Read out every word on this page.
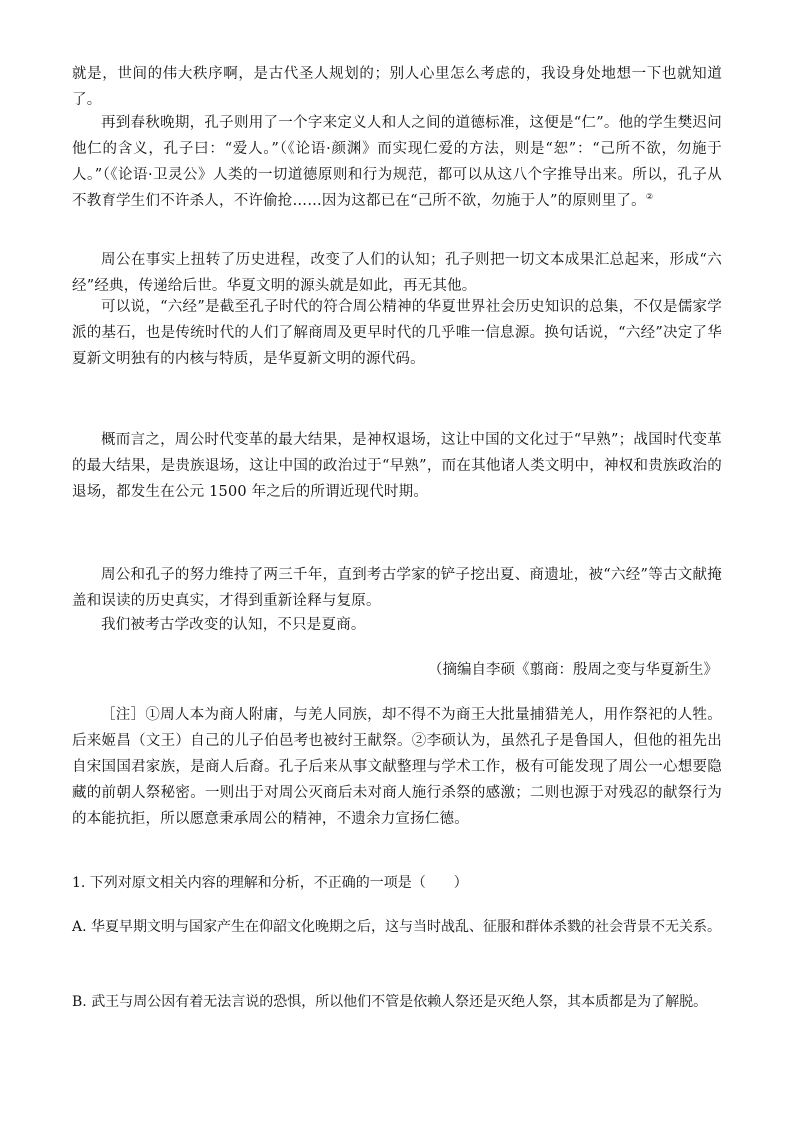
就是，世间的伟大秩序啊，是古代圣人规划的；别人心里怎么考虑的，我设身处地想一下也就知道了。

再到春秋晚期，孔子则用了一个字来定义人和人之间的道德标准，这便是“仁”。他的学生樊迟问他仁的含义，孔子曰：“爱人。”（《论语·颜渊》而实现仁爱的方法，则是“恕”：“己所不欲，勿施于人。”（《论语·卫灵公》人类的一切道德原则和行为规范，都可以从这八个字推导出来。所以，孔子从不教育学生们不许杀人，不许偷抢……因为这都已在“己所不欲，勿施于人”的原则里了。②

周公在事实上扭转了历史进程，改变了人们的认知；孔子则把一切文本成果汇总起来，形成“六经”经典，传递给后世。华夏文明的源头就是如此，再无其他。

可以说，“六经”是截至孔子时代的符合周公精神的华夏世界社会历史知识的总集，不仅是儒家学派的基石，也是传统时代的人们了解商周及更早时代的几乎唯一信息源。换句话说，“六经”决定了华夏新文明独有的内核与特质，是华夏新文明的源代码。

概而言之，周公时代变革的最大结果，是神权退场，这让中国的文化过于“早熟”；战国时代变革的最大结果，是贵族退场，这让中国的政治过于“早熟”，而在其他诸人类文明中，神权和贵族政治的退场，都发生在公元 1500 年之后的所谓近现代时期。

周公和孔子的努力维持了两三千年，直到考古学家的铲子挖出夏、商遗址，被“六经”等古文献掩盖和误读的历史真实，才得到重新诠释与复原。

我们被考古学改变的认知，不只是夏商。

（摘编自李硕《翦商：殷周之变与华夏新生》

［注］①周人本为商人附庸，与羌人同族，却不得不为商王大批量捕猎羌人，用作祭祀的人牲。后来姬昌（文王）自己的儿子伯邑考也被纣王献祭。②李硕认为，虽然孔子是鲁国人，但他的祖先出自宋国国君家族，是商人后裔。孔子后来从事文献整理与学术工作，极有可能发现了周公一心想要隐藏的前朝人祭秘密。一则出于对周公灭商后未对商人施行杀祭的感激；二则也源于对残忍的献祭行为的本能抗拒，所以愿意秉承周公的精神，不遗余力宣扬仁德。

1. 下列对原文相关内容的理解和分析，不正确的一项是（　　）

A. 华夏早期文明与国家产生在仰韶文化晚期之后，这与当时战乱、征服和群体杀戮的社会背景不无关系。

B. 武王与周公因有着无法言说的恐惧，所以他们不管是依赖人祭还是灭绝人祭，其本质都是为了解脱。
